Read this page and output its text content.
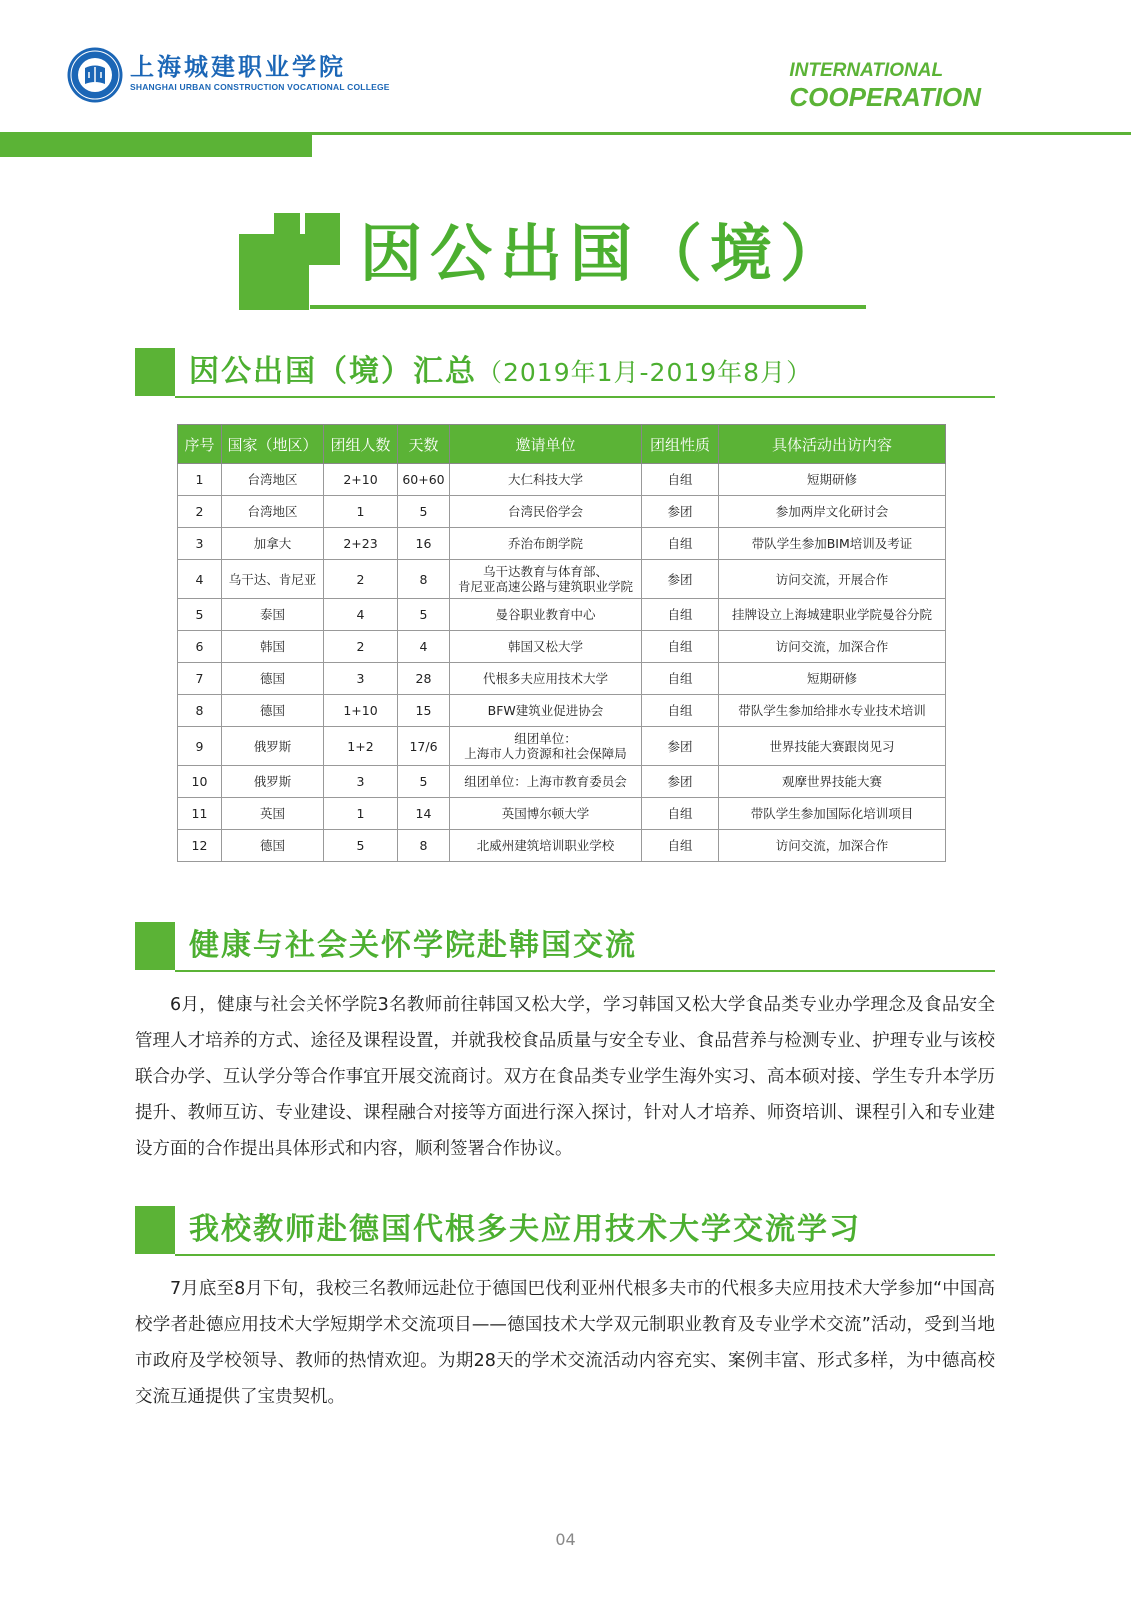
上海城建职业学院
SHANGHAI URBAN CONSTRUCTION VOCATIONAL COLLEGE
INTERNATIONAL
COOPERATION
因公出国（境）
因公出国（境）汇总（2019年1月-2019年8月）
序号	国家（地区）	团组人数	天数	邀请单位	团组性质	具体活动出访内容
1	台湾地区	2+10	60+60	大仁科技大学	自组	短期研修
2	台湾地区	1	5	台湾民俗学会	参团	参加两岸文化研讨会
3	加拿大	2+23	16	乔治布朗学院	自组	带队学生参加BIM培训及考证
4	乌干达、肯尼亚	2	8	乌干达教育与体育部、
肯尼亚高速公路与建筑职业学院	参团	访问交流，开展合作
5	泰国	4	5	曼谷职业教育中心	自组	挂牌设立上海城建职业学院曼谷分院
6	韩国	2	4	韩国又松大学	自组	访问交流，加深合作
7	德国	3	28	代根多夫应用技术大学	自组	短期研修
8	德国	1+10	15	BFW建筑业促进协会	自组	带队学生参加给排水专业技术培训
9	俄罗斯	1+2	17/6	组团单位：
上海市人力资源和社会保障局	参团	世界技能大赛跟岗见习
10	俄罗斯	3	5	组团单位：上海市教育委员会	参团	观摩世界技能大赛
11	英国	1	14	英国博尔顿大学	自组	带队学生参加国际化培训项目
12	德国	5	8	北威州建筑培训职业学校	自组	访问交流，加深合作
健康与社会关怀学院赴韩国交流
6月，健康与社会关怀学院3名教师前往韩国又松大学，学习韩国又松大学食品类专业办学理念及食品安全管理人才培养的方式、途径及课程设置，并就我校食品质量与安全专业、食品营养与检测专业、护理专业与该校联合办学、互认学分等合作事宜开展交流商讨。双方在食品类专业学生海外实习、高本硕对接、学生专升本学历提升、教师互访、专业建设、课程融合对接等方面进行深入探讨，针对人才培养、师资培训、课程引入和专业建设方面的合作提出具体形式和内容，顺利签署合作协议。
我校教师赴德国代根多夫应用技术大学交流学习
7月底至8月下旬，我校三名教师远赴位于德国巴伐利亚州代根多夫市的代根多夫应用技术大学参加“中国高校学者赴德应用技术大学短期学术交流项目——德国技术大学双元制职业教育及专业学术交流”活动，受到当地市政府及学校领导、教师的热情欢迎。为期28天的学术交流活动内容充实、案例丰富、形式多样，为中德高校交流互通提供了宝贵契机。
04
